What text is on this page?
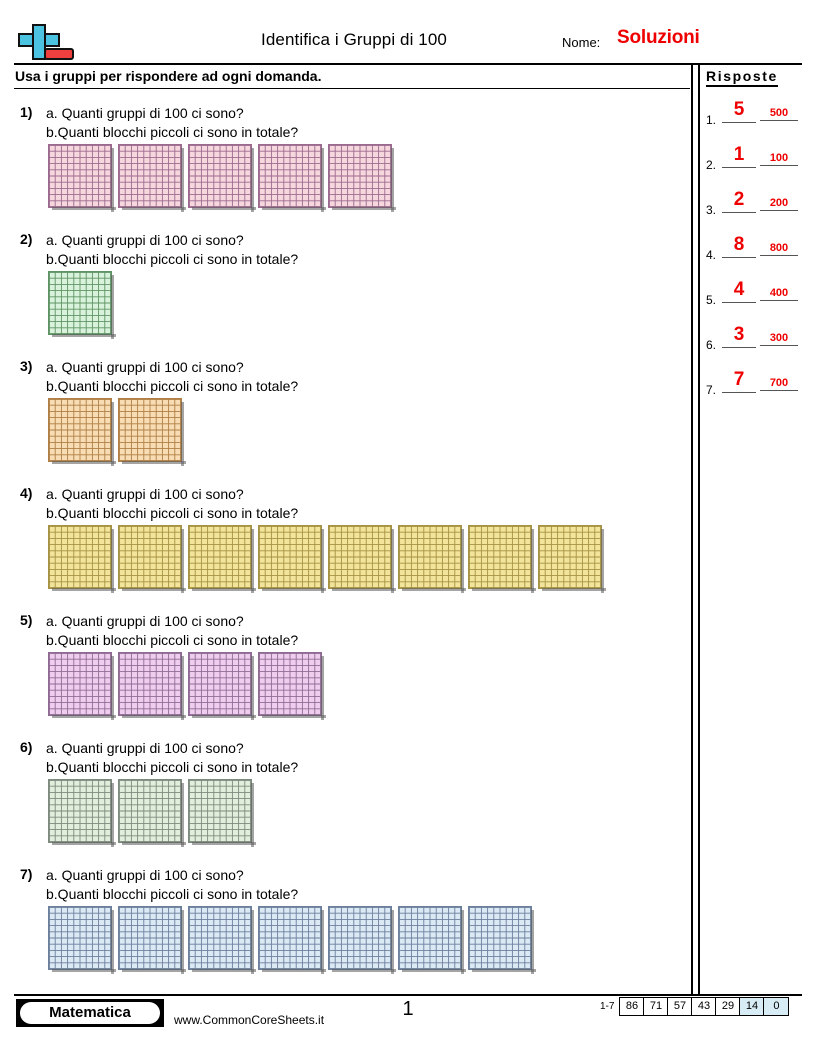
Identifica i Gruppi di 100	Nome: Soluzioni
Usa i gruppi per rispondere ad ogni domanda.	Risposte
1. 5	500
2. 1	100
3. 2	200
4. 8	800
5. 4	400
6. 3	300
7. 7	700
1) a. Quanti gruppi di 100 ci sono?
b.Quanti blocchi piccoli ci sono in totale?
2) a. Quanti gruppi di 100 ci sono?
b.Quanti blocchi piccoli ci sono in totale?
3) a. Quanti gruppi di 100 ci sono?
b.Quanti blocchi piccoli ci sono in totale?
4) a. Quanti gruppi di 100 ci sono?
b.Quanti blocchi piccoli ci sono in totale?
5) a. Quanti gruppi di 100 ci sono?
b.Quanti blocchi piccoli ci sono in totale?
6) a. Quanti gruppi di 100 ci sono?
b.Quanti blocchi piccoli ci sono in totale?
7) a. Quanti gruppi di 100 ci sono?
b.Quanti blocchi piccoli ci sono in totale?
Matematica	www.CommonCoreSheets.it	1	1-7	86	71	57	43	29	14	0
